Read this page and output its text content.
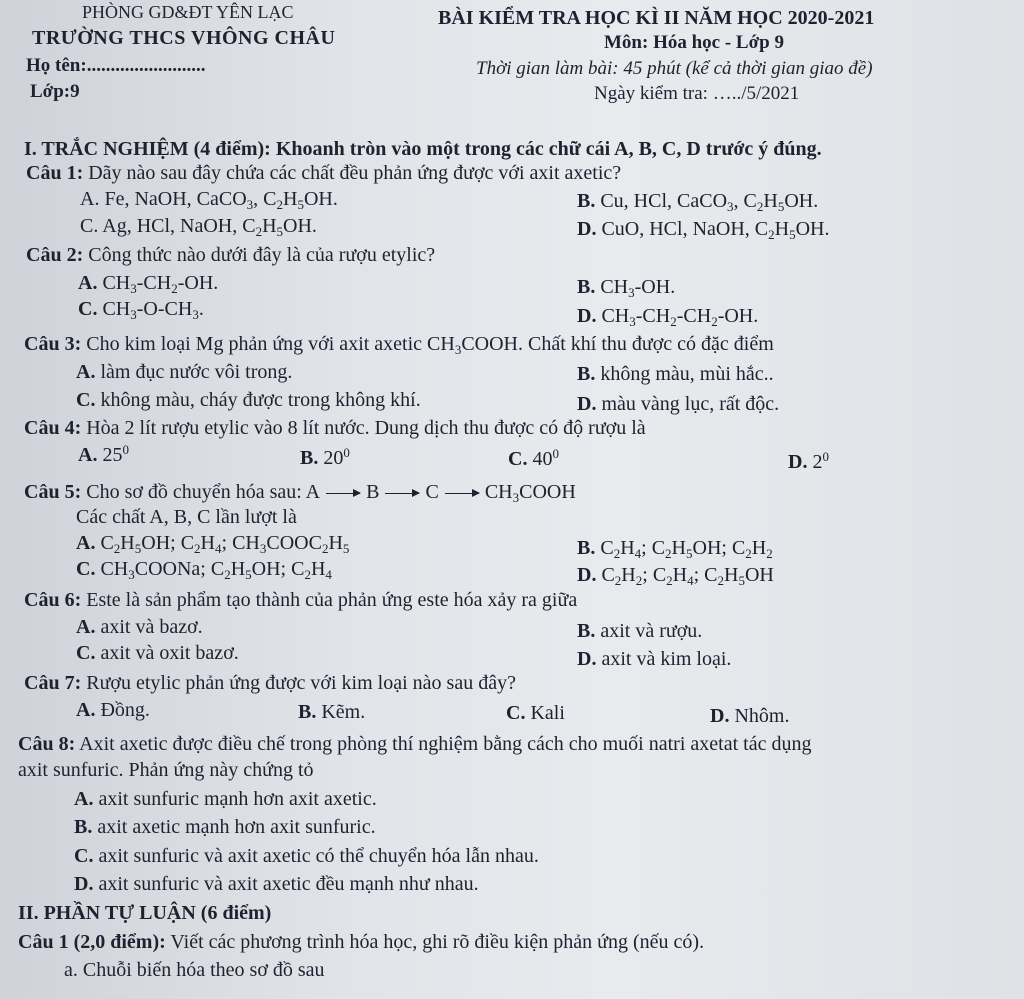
PHÒNG GD&ĐT YÊN LẠC
TRƯỜNG THCS VHÔNG CHÂU
Họ tên:.........................
Lớp:9
BÀI KIỂM TRA HỌC KÌ II NĂM HỌC 2020-2021
Môn: Hóa học - Lớp 9
Thời gian làm bài: 45 phút (kể cả thời gian giao đề)
Ngày kiểm tra: …../5/2021
I. TRẮC NGHIỆM (4 điểm): Khoanh tròn vào một trong các chữ cái A, B, C, D trước ý đúng.
Câu 1: Dãy nào sau đây chứa các chất đều phản ứng được với axit axetic?
A. Fe, NaOH, CaCO$_3$, $C_2H_5OH$.	B. Cu, HCl, CaCO$_3$, $C_2H_5OH$.
C. Ag, HCl, NaOH, $C_2H_5OH$.	D. CuO, HCl, NaOH, $C_2H_5OH$.
Câu 2: Công thức nào dưới đây là của rượu etylic?
A. $CH_3-CH_2-OH$.	B. $CH_3-OH$.
C. $CH_3-O-CH_3$.	D. $CH_3-CH_2-CH_2-OH$.
Câu 3: Cho kim loại Mg phản ứng với axit axetic $CH_3COOH$. Chất khí thu được có đặc điểm
A. làm đục nước vôi trong.	B. không màu, mùi hắc..
C. không màu, cháy được trong không khí.	D. màu vàng lục, rất độc.
Câu 4: Hòa 2 lít rượu etylic vào 8 lít nước. Dung dịch thu được có độ rượu là
A. $25^0$	B. $20^0$	C. $40^0$	D. $2^0$
Câu 5: Cho sơ đồ chuyển hóa sau: A B C $CH_3COOH$
Các chất A, B, C lần lượt là
A. $C_2H_5OH$; $C_2H_4$; $CH_3COOC_2H_5$	B. $C_2H_4$; $C_2H_5OH$; $C_2H_2$
C. $CH_3COONa$; $C_2H_5OH$; $C_2H_4$	D. $C_2H_2$; $C_2H_4$; $C_2H_5OH$
Câu 6: Este là sản phẩm tạo thành của phản ứng este hóa xảy ra giữa
A. axit và bazơ.	B. axit và rượu.
C. axit và oxit bazơ.	D. axit và kim loại.
Câu 7: Rượu etylic phản ứng được với kim loại nào sau đây?
A. Đồng.	B. Kẽm.	C. Kali	D. Nhôm.
Câu 8: Axit axetic được điều chế trong phòng thí nghiệm bằng cách cho muối natri axetat tác dụng
axit sunfuric. Phản ứng này chứng tỏ
A. axit sunfuric mạnh hơn axit axetic.
B. axit axetic mạnh hơn axit sunfuric.
C. axit sunfuric và axit axetic có thể chuyển hóa lẫn nhau.
D. axit sunfuric và axit axetic đều mạnh như nhau.
II. PHẦN TỰ LUẬN (6 điểm)
Câu 1 (2,0 điểm): Viết các phương trình hóa học, ghi rõ điều kiện phản ứng (nếu có).
a. Chuỗi biến hóa theo sơ đồ sau
